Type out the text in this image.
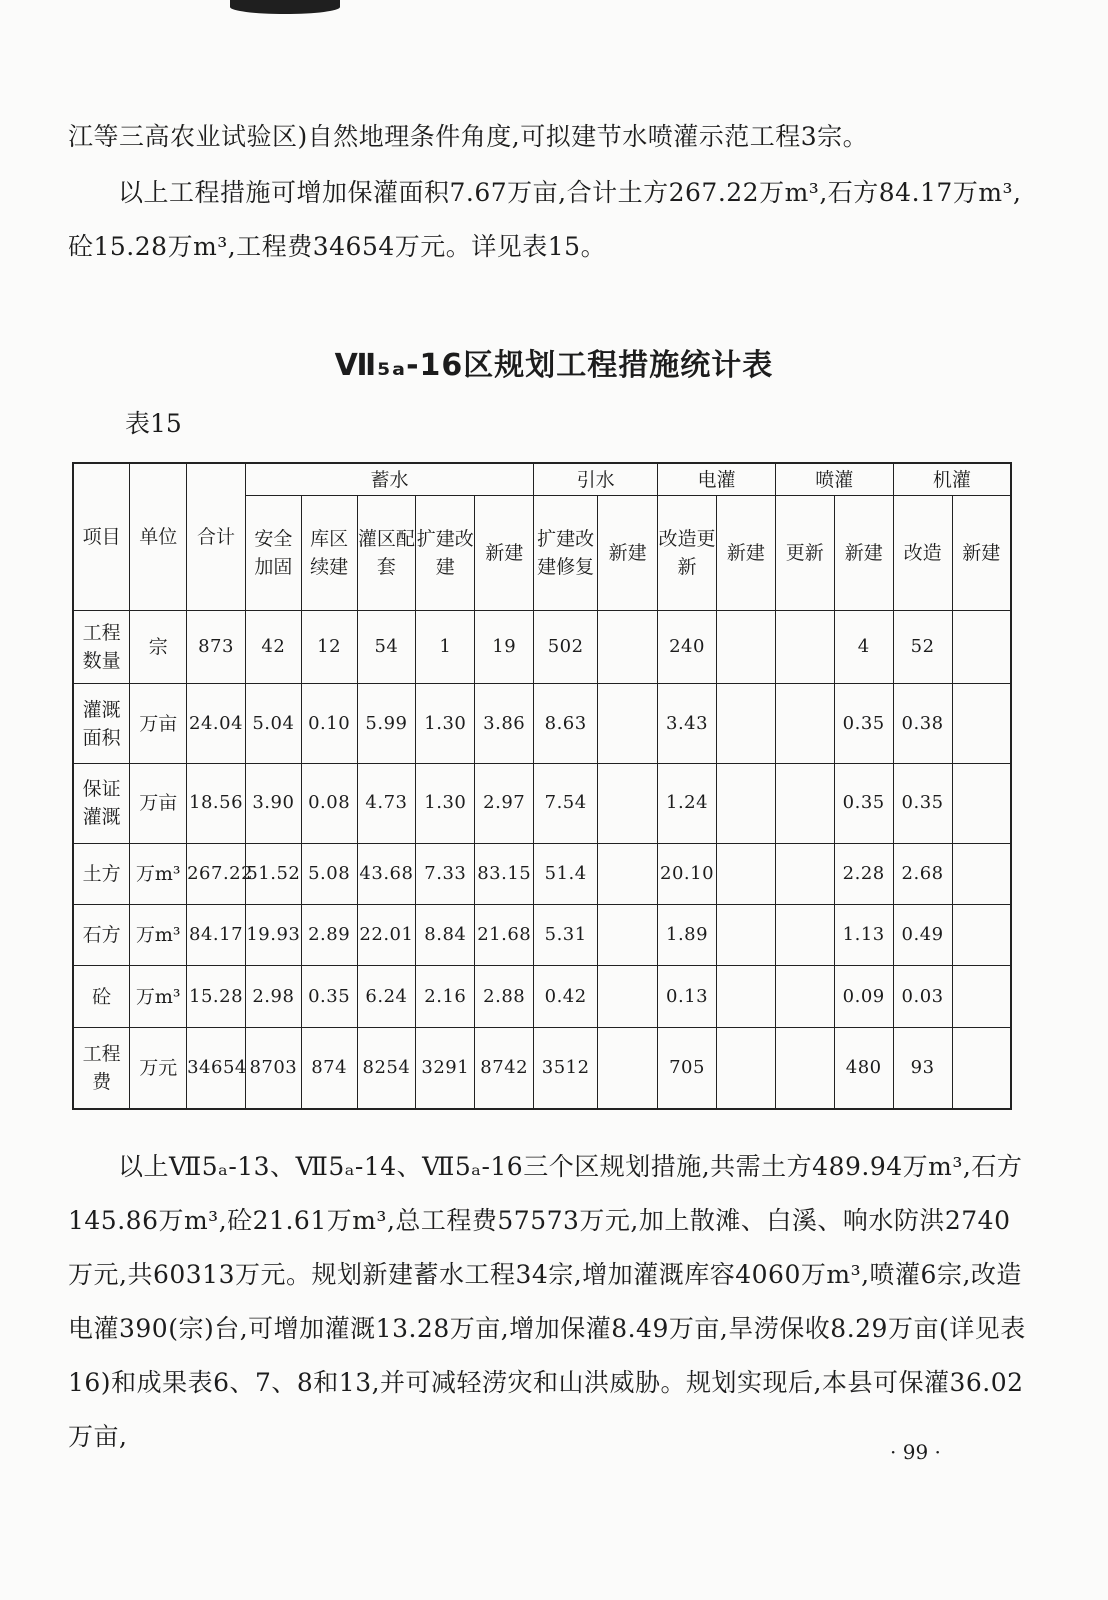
江等三高农业试验区)自然地理条件角度,可拟建节水喷灌示范工程3宗。

以上工程措施可增加保灌面积7.67万亩,合计土方267.22万m³,石方84.17万m³,砼15.28万m³,工程费34654万元。详见表15。

Ⅶ₅ₐ-16区规划工程措施统计表
表15
项目	单位	合计	蓄水					引水		电灌		喷灌		机灌	
			安全加固	库区续建	灌区配套	扩建改建	新建	扩建改建修复	新建	改造更新	新建	更新	新建	改造	新建
工程数量	宗	873	42	12	54	1	19	502		240			4	52	
灌溉面积	万亩	24.04	5.04	0.10	5.99	1.30	3.86	8.63		3.43			0.35	0.38	
保证灌溉	万亩	18.56	3.90	0.08	4.73	1.30	2.97	7.54		1.24			0.35	0.35	
土方	万m³	267.22	51.52	5.08	43.68	7.33	83.15	51.4		20.10			2.28	2.68	
石方	万m³	84.17	19.93	2.89	22.01	8.84	21.68	5.31		1.89			1.13	0.49	
砼	万m³	15.28	2.98	0.35	6.24	2.16	2.88	0.42		0.13			0.09	0.03	
工程费	万元	34654	8703	874	8254	3291	8742	3512		705			480	93	

以上Ⅶ5ₐ-13、Ⅶ5ₐ-14、Ⅶ5ₐ-16三个区规划措施,共需土方489.94万m³,石方145.86万m³,砼21.61万m³,总工程费57573万元,加上散滩、白溪、响水防洪2740万元,共60313万元。规划新建蓄水工程34宗,增加灌溉库容4060万m³,喷灌6宗,改造电灌390(宗)台,可增加灌溉13.28万亩,增加保灌8.49万亩,旱涝保收8.29万亩(详见表16)和成果表6、7、8和13,并可减轻涝灾和山洪威胁。规划实现后,本县可保灌36.02万亩,

· 99 ·
